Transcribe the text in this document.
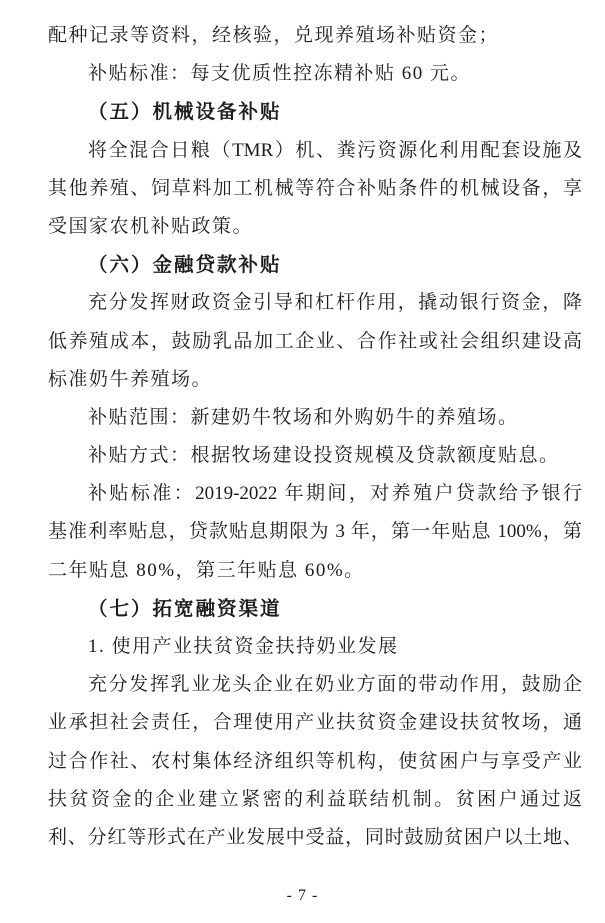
配种记录等资料，经核验，兑现养殖场补贴资金；
补贴标准：每支优质性控冻精补贴 60 元。
（五）机械设备补贴
将全混合日粮（TMR）机、粪污资源化利用配套设施及
其他养殖、饲草料加工机械等符合补贴条件的机械设备，享
受国家农机补贴政策。
（六）金融贷款补贴
充分发挥财政资金引导和杠杆作用，撬动银行资金，降
低养殖成本，鼓励乳品加工企业、合作社或社会组织建设高
标准奶牛养殖场。
补贴范围：新建奶牛牧场和外购奶牛的养殖场。
补贴方式：根据牧场建设投资规模及贷款额度贴息。
补贴标准：2019-2022 年期间，对养殖户贷款给予银行
基准利率贴息，贷款贴息期限为 3 年，第一年贴息 100%，第
二年贴息 80%，第三年贴息 60%。
（七）拓宽融资渠道
1. 使用产业扶贫资金扶持奶业发展
充分发挥乳业龙头企业在奶业方面的带动作用，鼓励企
业承担社会责任，合理使用产业扶贫资金建设扶贫牧场，通
过合作社、农村集体经济组织等机构，使贫困户与享受产业
扶贫资金的企业建立紧密的利益联结机制。贫困户通过返
利、分红等形式在产业发展中受益，同时鼓励贫困户以土地、
- 7 -
